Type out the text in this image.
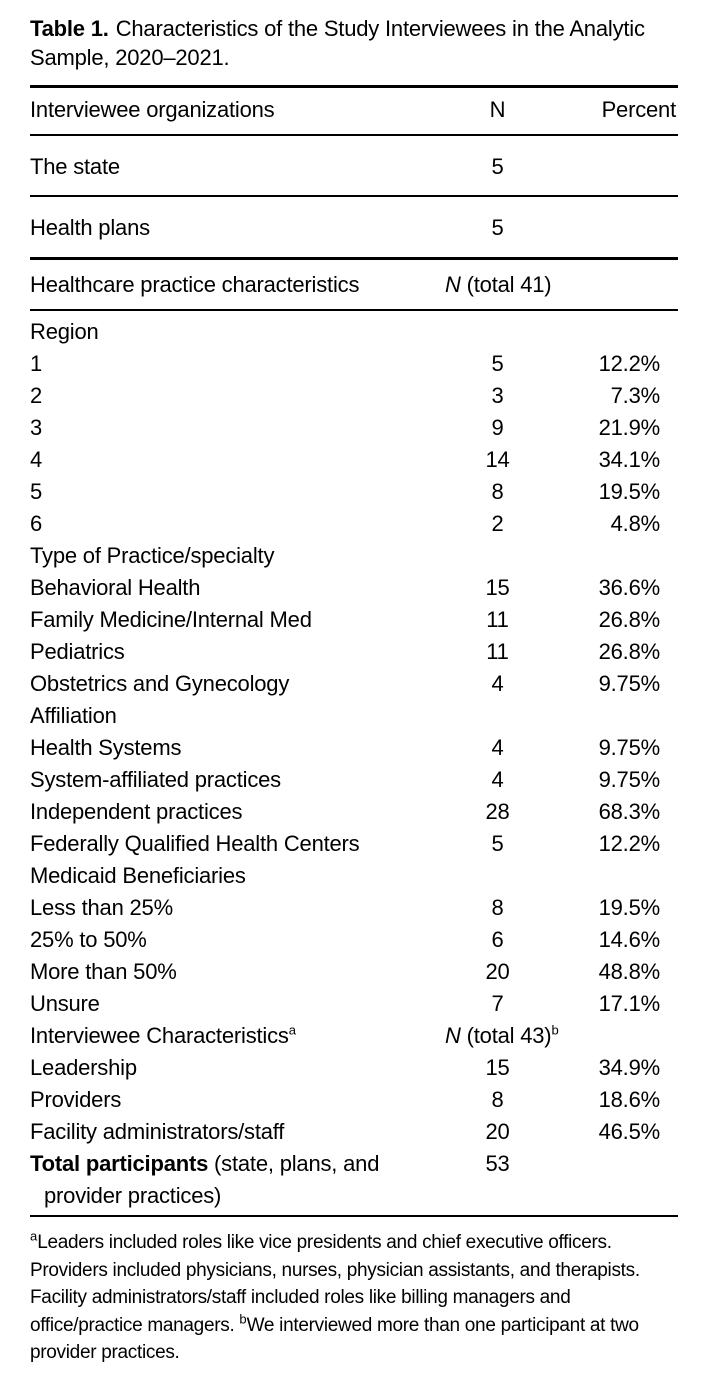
Table 1. Characteristics of the Study Interviewees in the Analytic Sample, 2020–2021.

Interviewee organizations	N	Percent
The state	5	
Health plans	5	
Healthcare practice characteristics	N (total 41)	
Region		
1	5	12.2%
2	3	7.3%
3	9	21.9%
4	14	34.1%
5	8	19.5%
6	2	4.8%
Type of Practice/specialty		
Behavioral Health	15	36.6%
Family Medicine/Internal Med	11	26.8%
Pediatrics	11	26.8%
Obstetrics and Gynecology	4	9.75%
Affiliation		
Health Systems	4	9.75%
System-affiliated practices	4	9.75%
Independent practices	28	68.3%
Federally Qualified Health Centers	5	12.2%
Medicaid Beneficiaries		
Less than 25%	8	19.5%
25% to 50%	6	14.6%
More than 50%	20	48.8%
Unsure	7	17.1%
Interviewee Characteristics$^a$	N (total 43)$^b$
Leadership	15	34.9%
Providers	8	18.6%
Facility administrators/staff	20	46.5%
Total participants (state, plans, and
provider practices)	53	

$^a$Leaders included roles like vice presidents and chief executive officers. Providers included physicians, nurses, physician assistants, and therapists. Facility administrators/staff included roles like billing managers and office/practice managers. $^b$We interviewed more than one participant at two provider practices.
